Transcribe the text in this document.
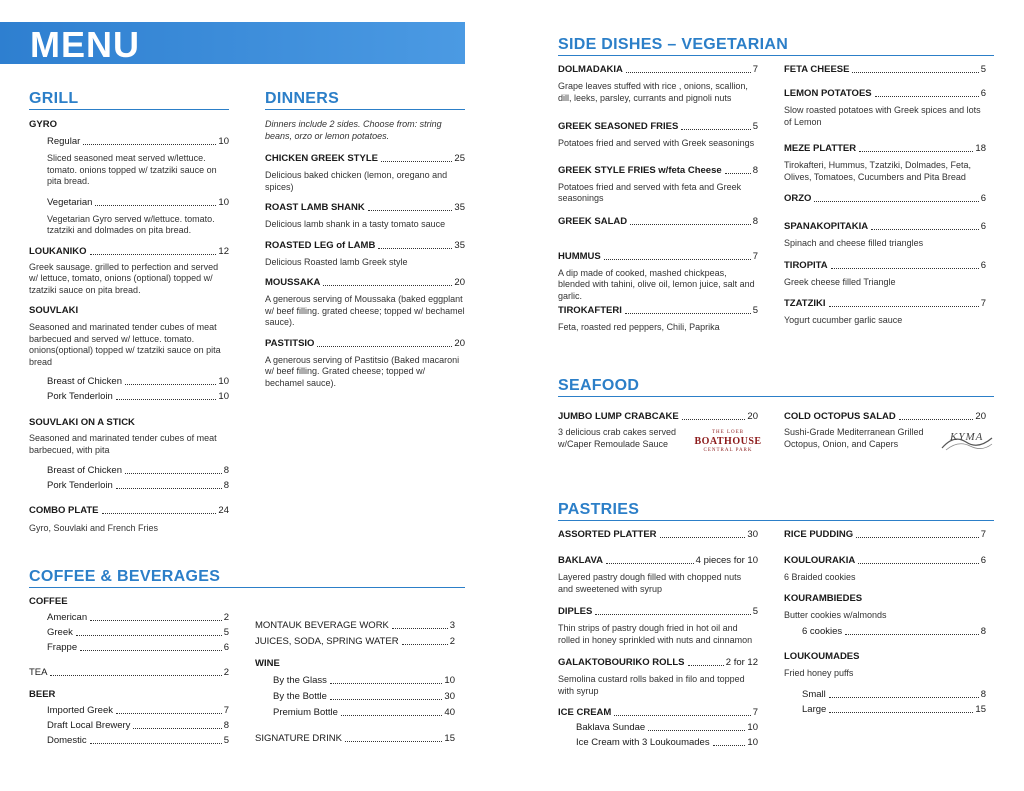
MENU
GRILL
GYRO
Regular	10
Sliced seasoned meat served w/lettuce. tomato. onions topped w/ tzatziki sauce on pita bread.
Vegetarian	10
Vegetarian Gyro served w/lettuce. tomato. tzatziki and dolmades on pita bread.
LOUKANIKO	12
Greek sausage. grilled to perfection and served w/ lettuce, tomato, onions (optional) topped w/ tzatziki sauce on pita bread.
SOUVLAKI
Seasoned and marinated tender cubes of meat barbecued and served w/ lettuce. tomato. onions(optional) topped w/ tzatziki sauce on pita bread
Breast of Chicken	10
Pork Tenderloin	10
SOUVLAKI ON A STICK
Seasoned and marinated tender cubes of meat barbecued, with pita
Breast of Chicken	8
Pork Tenderloin	8
COMBO PLATE	24
Gyro, Souvlaki and French Fries
DINNERS
Dinners include 2 sides. Choose from: string beans, orzo or lemon potatoes.
CHICKEN GREEK STYLE	25
Delicious baked chicken (lemon, oregano and spices)
ROAST LAMB SHANK	35
Delicious lamb shank in a tasty tomato sauce
ROASTED LEG of LAMB	35
Delicious Roasted lamb Greek style
MOUSSAKA	20
A generous serving of Moussaka (baked eggplant w/ beef filling. grated cheese; topped w/ bechamel sauce).
PASTITSIO	20
A generous serving of Pastitsio (Baked macaroni w/ beef filling. Grated cheese; topped w/ bechamel sauce).
COFFEE & BEVERAGES
COFFEE
American	2
Greek	5
Frappe	6
TEA	2
BEER
Imported Greek	7
Draft Local Brewery	8
Domestic	5
MONTAUK BEVERAGE WORK	3
JUICES, SODA, SPRING WATER	2
WINE
By the Glass	10
By the Bottle	30
Premium Bottle	40
SIGNATURE DRINK	15
SIDE DISHES – VEGETARIAN
DOLMADAKIA	7
Grape leaves stuffed with rice , onions, scallion, dill, leeks, parsley, currants and pignoli nuts
GREEK SEASONED FRIES	5
Potatoes fried and served with Greek seasonings
GREEK STYLE FRIES w/feta Cheese	8
Potatoes fried and served with feta and Greek seasonings
GREEK SALAD	8
HUMMUS	7
A dip made of cooked, mashed chickpeas, blended with tahini, olive oil, lemon juice, salt and garlic.
TIROKAFTERI	5
Feta, roasted red peppers, Chili, Paprika
FETA CHEESE	5
LEMON POTATOES	6
Slow roasted potatoes with Greek spices and lots of Lemon
MEZE PLATTER	18
Tirokafteri, Hummus, Tzatziki, Dolmades, Feta, Olives, Tomatoes, Cucumbers and Pita Bread
ORZO	6
SPANAKOPITAKIA	6
Spinach and cheese filled triangles
TIROPITA	6
Greek cheese filled Triangle
TZATZIKI	7
Yogurt cucumber garlic sauce
SEAFOOD
JUMBO LUMP CRABCAKE	20
3 delicious crab cakes served w/Caper Remoulade Sauce
THE LOEB
BOATHOUSE
CENTRAL PARK
COLD OCTOPUS SALAD	20
Sushi-Grade Mediterranean Grilled Octopus, Onion, and Capers
KYMA
PASTRIES
ASSORTED PLATTER	30
BAKLAVA	4 pieces for 10
Layered pastry dough filled with chopped nuts and sweetened with syrup
DIPLES	5
Thin strips of pastry dough fried in hot oil and rolled in honey sprinkled with nuts and cinnamon
GALAKTOBOURIKO ROLLS	2 for 12
Semolina custard rolls baked in filo and topped with syrup
ICE CREAM	7
Baklava Sundae	10
Ice Cream with 3 Loukoumades	10
RICE PUDDING	7
KOULOURAKIA	6
6 Braided cookies
KOURAMBIEDES
Butter cookies w/almonds
6 cookies	8
LOUKOUMADES
Fried honey puffs
Small	8
Large	15
